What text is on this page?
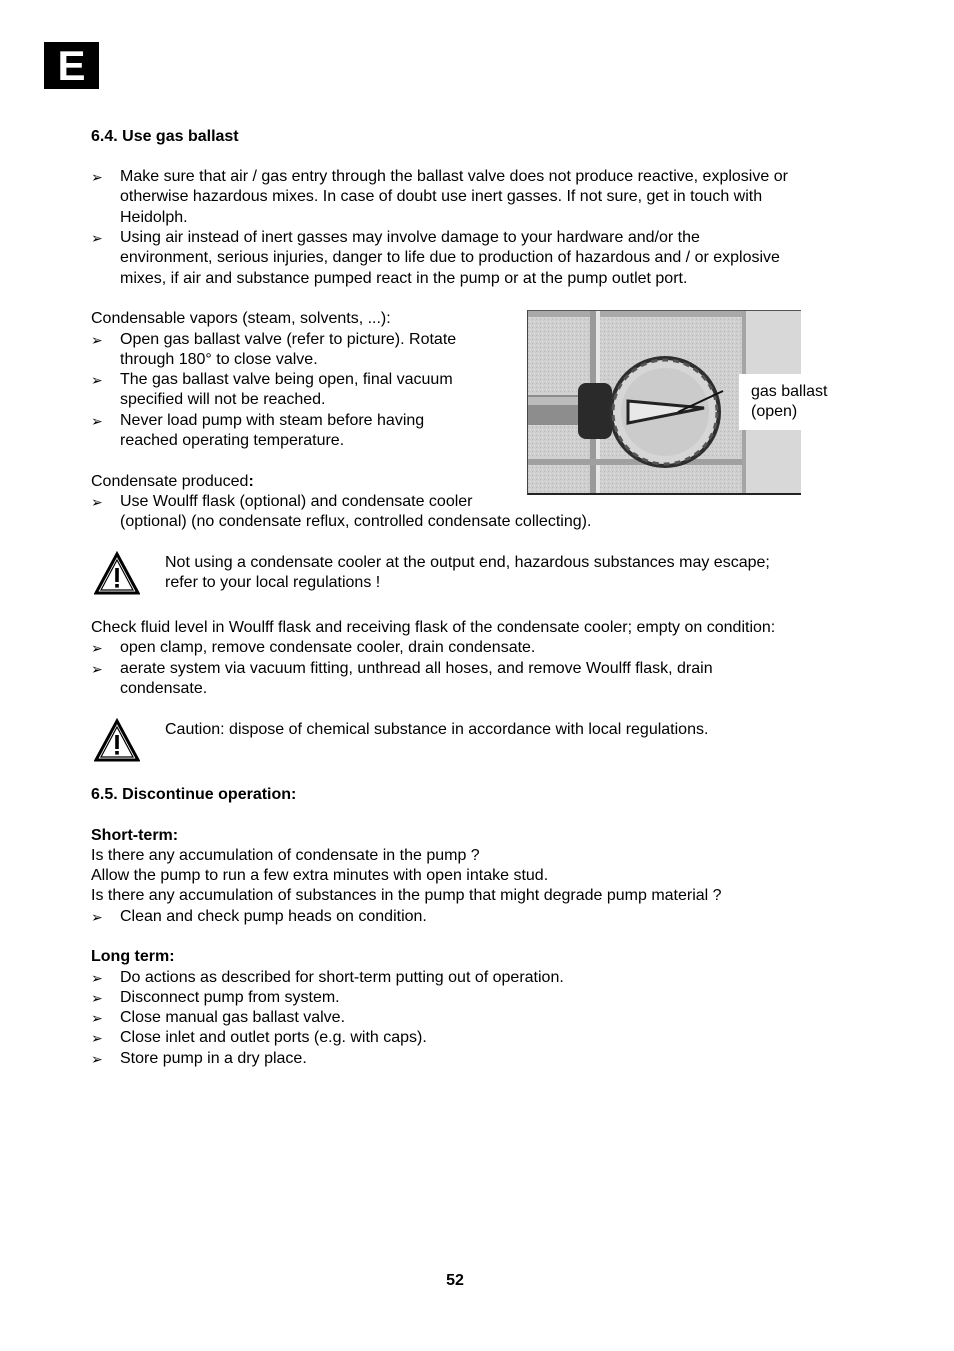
E
6.4. Use gas ballast
➢ Make sure that air / gas entry through the ballast valve does not produce reactive, explosive or
otherwise hazardous mixes. In case of doubt use inert gasses. If not sure, get in touch with
Heidolph.
➢ Using air instead of inert gasses may involve damage to your hardware and/or the
environment, serious injuries, danger to life due to production of hazardous and / or explosive
mixes, if air and substance pumped react in the pump or at the pump outlet port.
Condensable vapors (steam, solvents, ...):
➢ Open gas ballast valve (refer to picture). Rotate
through 180° to close valve.
➢ The gas ballast valve being open, final vacuum
specified will not be reached.
➢ Never load pump with steam before having
reached operating temperature.
Condensate produced:
➢ Use Woulff flask (optional) and condensate cooler
(optional) (no condensate reflux, controlled condensate collecting).
gas ballast
(open)
Not using a condensate cooler at the output end, hazardous substances may escape;
refer to your local regulations !
Check fluid level in Woulff flask and receiving flask of the condensate cooler; empty on condition:
➢ open clamp, remove condensate cooler, drain condensate.
➢ aerate system via vacuum fitting, unthread all hoses, and remove Woulff flask, drain
condensate.
Caution: dispose of chemical substance in accordance with local regulations.
6.5. Discontinue operation:
Short-term:
Is there any accumulation of condensate in the pump ?
Allow the pump to run a few extra minutes with open intake stud.
Is there any accumulation of substances in the pump that might degrade pump material ?
➢ Clean and check pump heads on condition.
Long term:
➢ Do actions as described for short-term putting out of operation.
➢ Disconnect pump from system.
➢ Close manual gas ballast valve.
➢ Close inlet and outlet ports (e.g. with caps).
➢ Store pump in a dry place.
52
